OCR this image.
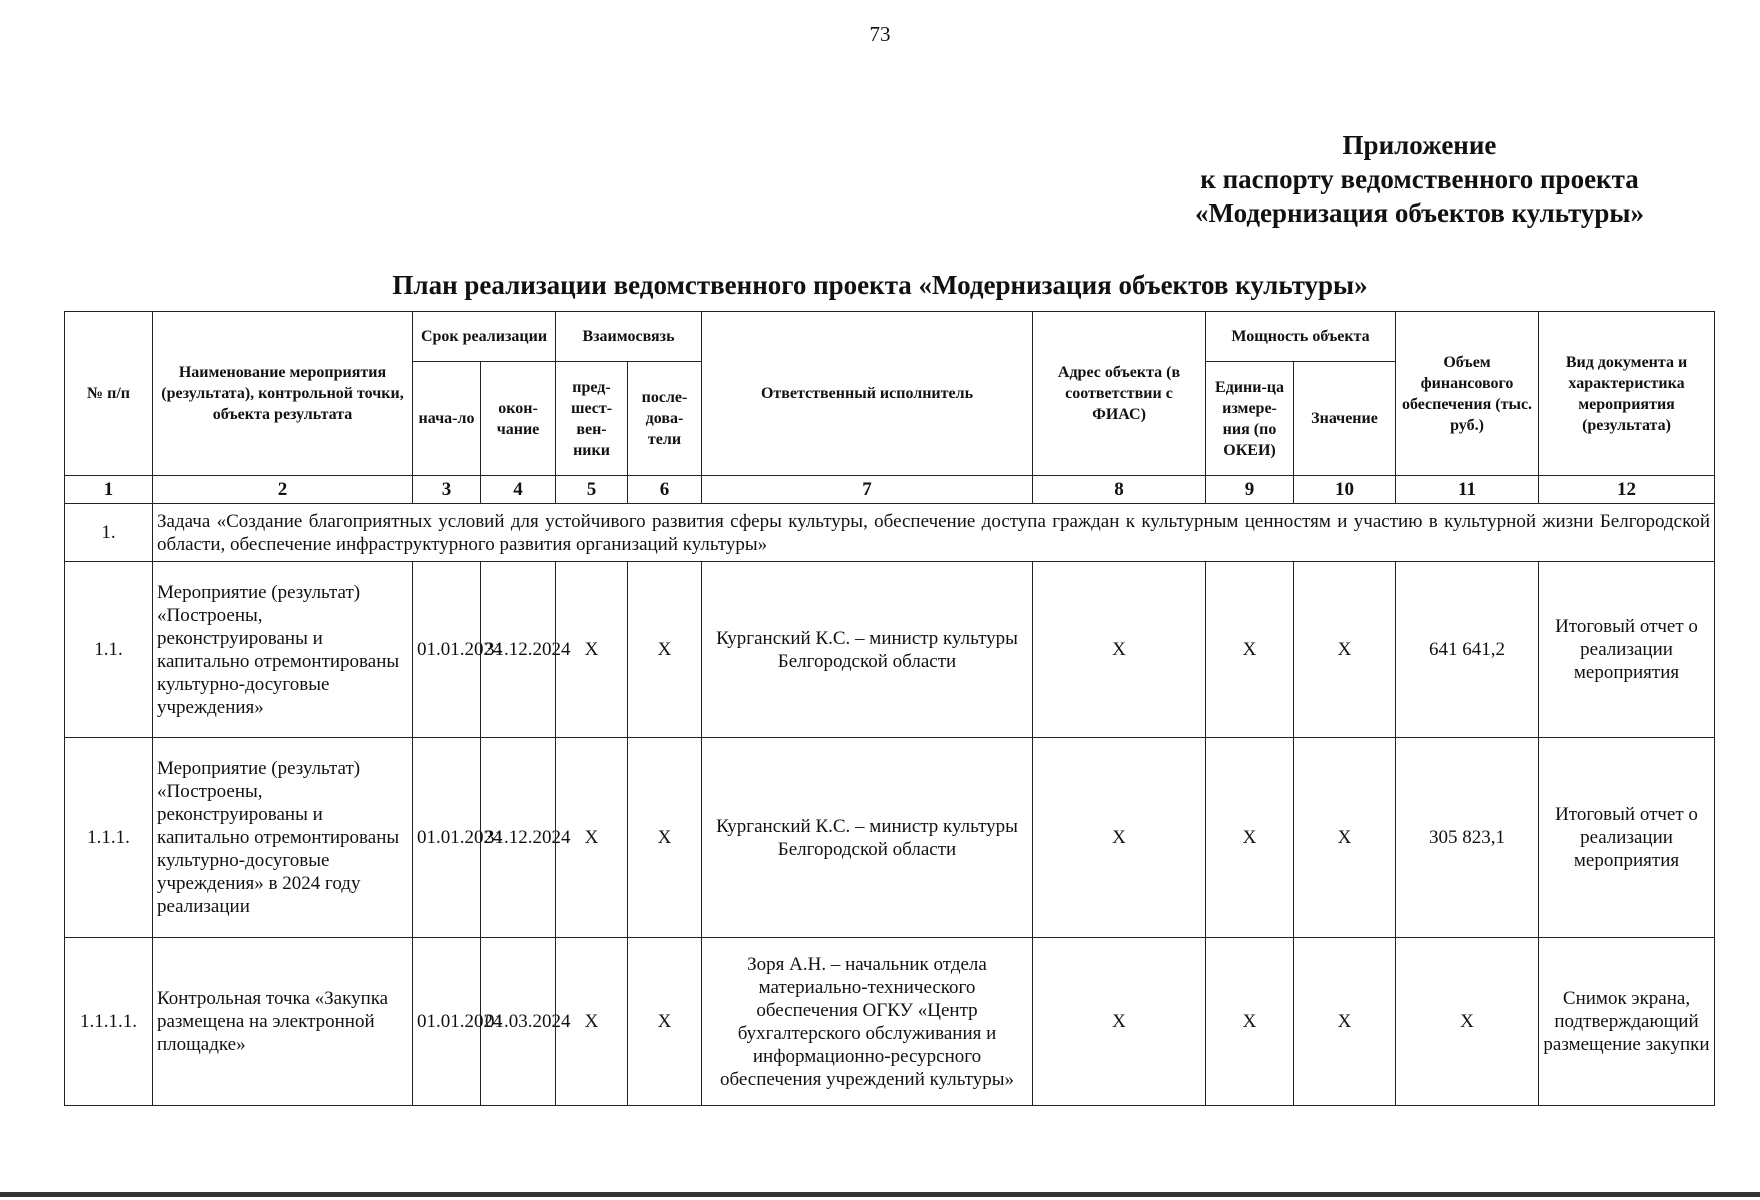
73
Приложение
к паспорту ведомственного проекта
«Модернизация объектов культуры»
План реализации ведомственного проекта «Модернизация объектов культуры»
№ п/п	Наименование мероприятия (результата), контрольной точки, объекта результата	Срок реализации		Взаимосвязь		Ответственный исполнитель	Адрес объекта (в соответствии с ФИАС)	Мощность объекта		Объем финансового обеспечения (тыс. руб.)	Вид документа и характеристика мероприятия (результата)
		нача-ло	окон-чание	пред-шест-вен-ники	после-дова-тели			Едини-ца измере-ния (по ОКЕИ)	Значение		
1	2	3	4	5	6	7	8	9	10	11	12
1.	Задача «Создание благоприятных условий для устойчивого развития сферы культуры, обеспечение доступа граждан к культурным ценностям и участию в культурной жизни Белгородской области, обеспечение инфраструктурного развития организаций культуры»										
1.1.	Мероприятие (результат) «Построены, реконструированы и капитально отремонтированы культурно-досуговые учреждения»	01.01.2024	31.12.2024	X	X	Курганский К.С. – министр культуры Белгородской области	X	X	X	641 641,2	Итоговый отчет о реализации мероприятия
1.1.1.	Мероприятие (результат) «Построены, реконструированы и капитально отремонтированы культурно-досуговые учреждения» в 2024 году реализации	01.01.2024	31.12.2024	X	X	Курганский К.С. – министр культуры Белгородской области	X	X	X	305 823,1	Итоговый отчет о реализации мероприятия
1.1.1.1.	Контрольная точка «Закупка размещена на электронной площадке»	01.01.2024	01.03.2024	X	X	Зоря А.Н. – начальник отдела материально-технического обеспечения ОГКУ «Центр бухгалтерского обслуживания и информационно-ресурсного обеспечения учреждений культуры»	X	X	X	X	Снимок экрана, подтверждающий размещение закупки
